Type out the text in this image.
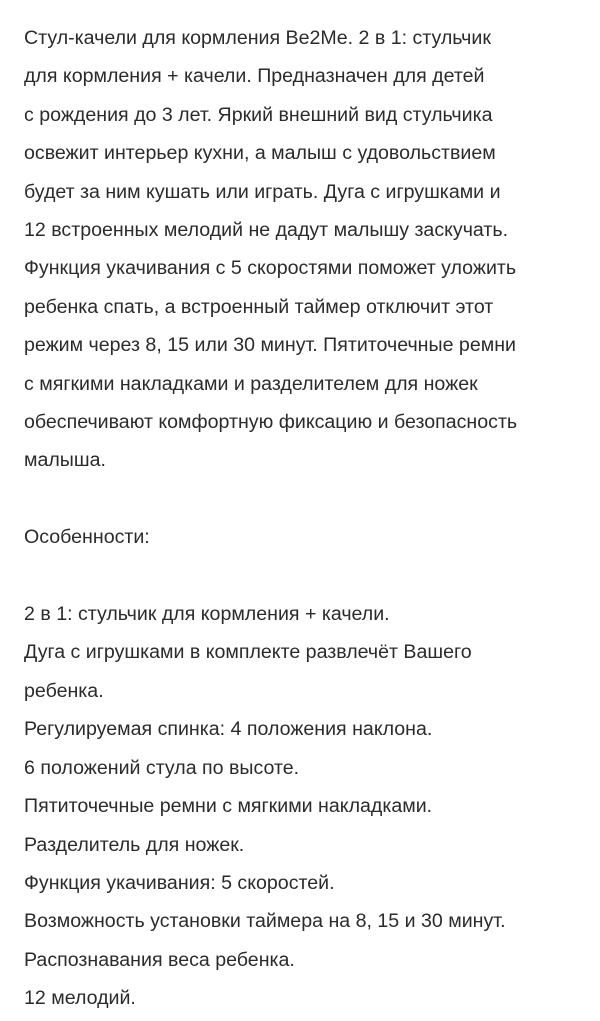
Стул-качели для кормления Be2Me. 2 в 1: стульчик
для кормления + качели. Предназначен для детей
с рождения до 3 лет. Яркий внешний вид стульчика
освежит интерьер кухни, а малыш с удовольствием
будет за ним кушать или играть. Дуга с игрушками и
12 встроенных мелодий не дадут малышу заскучать.
Функция укачивания с 5 скоростями поможет уложить
ребенка спать, а встроенный таймер отключит этот
режим через 8, 15 или 30 минут. Пятиточечные ремни
с мягкими накладками и разделителем для ножек
обеспечивают комфортную фиксацию и безопасность
малыша.

Особенности:
2 в 1: стульчик для кормления + качели.
Дуга с игрушками в комплекте развлечёт Вашего
ребенка.
Регулируемая спинка: 4 положения наклона.
6 положений стула по высоте.
Пятиточечные ремни с мягкими накладками.
Разделитель для ножек.
Функция укачивания: 5 скоростей.
Возможность установки таймера на 8, 15 и 30 минут.
Распознавания веса ребенка.
12 мелодий.
